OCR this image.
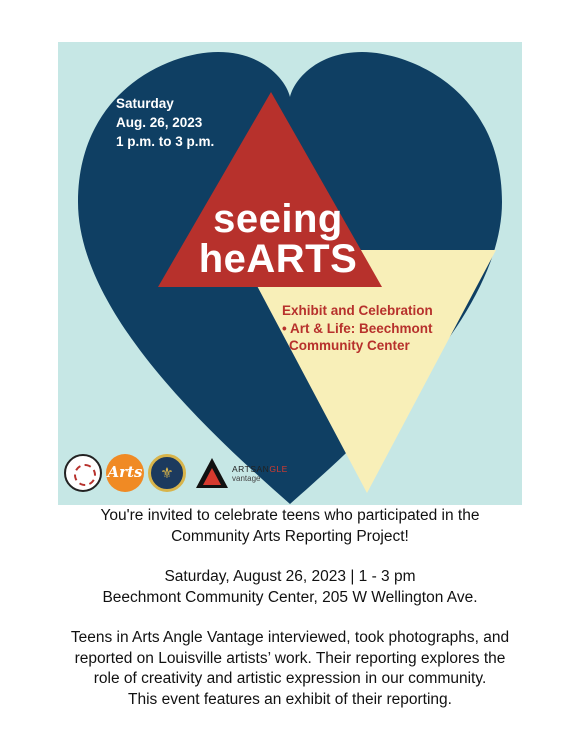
Saturday
Aug. 26, 2023
1 p.m. to 3 p.m.
seeing
heARTS
Exhibit and Celebration
• Art & Life: Beechmont
Community Center
Arts	⚜	ARTSANGLE
vantage

You're invited to celebrate teens who participated in the

Community Arts Reporting Project!

Saturday, August 26, 2023 | 1 - 3 pm

Beechmont Community Center, 205 W Wellington Ave.

Teens in Arts Angle Vantage interviewed, took photographs, and

reported on Louisville artists’ work. Their reporting explores the

role of creativity and artistic expression in our community.

This event features an exhibit of their reporting.
